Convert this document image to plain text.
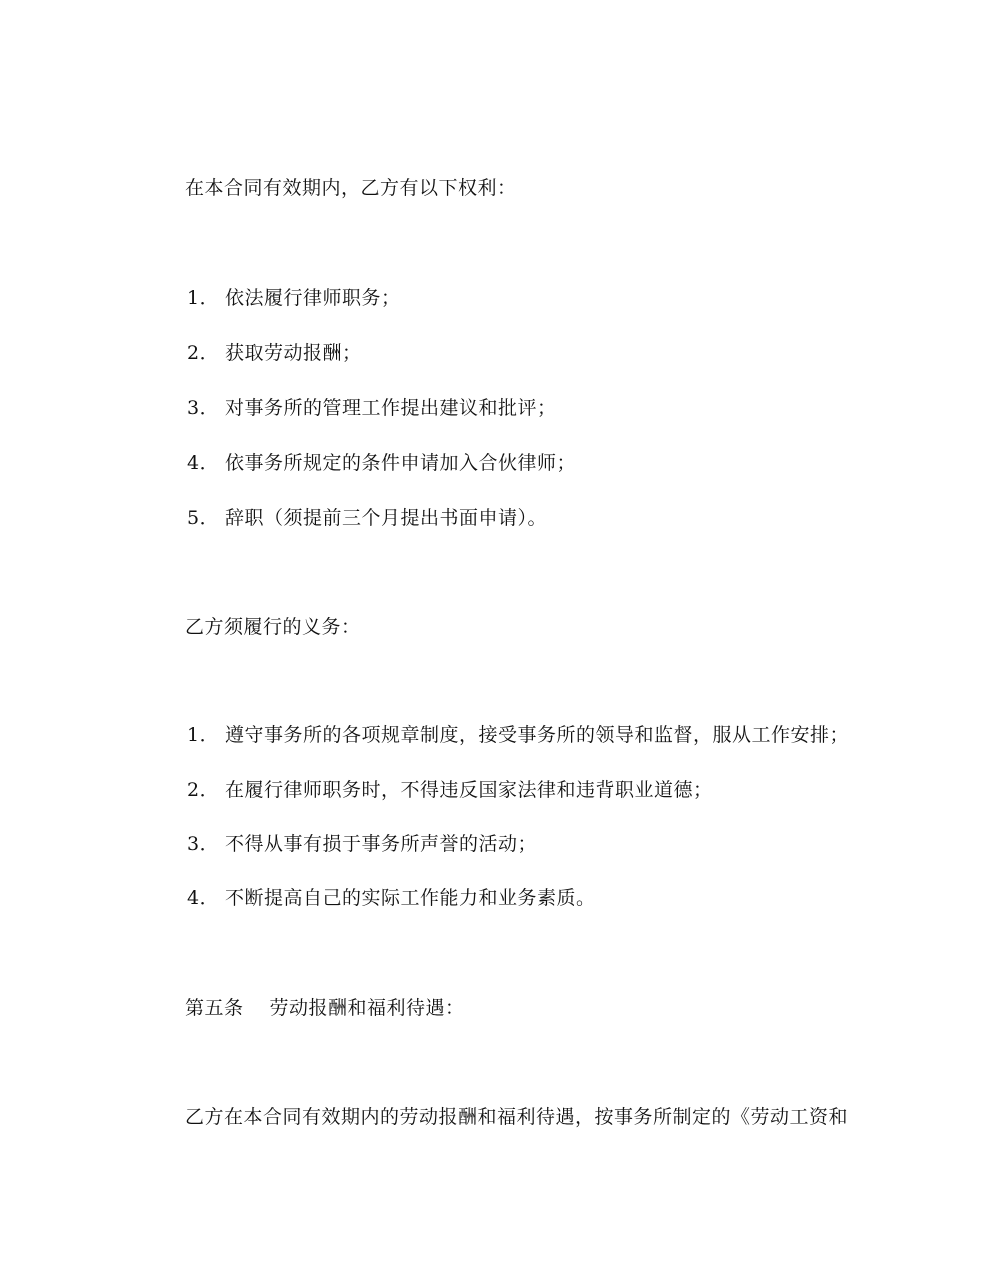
在本合同有效期内，乙方有以下权利：
1． 依法履行律师职务；
2． 获取劳动报酬；
3． 对事务所的管理工作提出建议和批评；
4． 依事务所规定的条件申请加入合伙律师；
5． 辞职（须提前三个月提出书面申请）。
乙方须履行的义务：
1． 遵守事务所的各项规章制度，接受事务所的领导和监督，服从工作安排；
2． 在履行律师职务时，不得违反国家法律和违背职业道德；
3． 不得从事有损于事务所声誉的活动；
4． 不断提高自己的实际工作能力和业务素质。
第五条 劳动报酬和福利待遇：
乙方在本合同有效期内的劳动报酬和福利待遇，按事务所制定的《劳动工资和
